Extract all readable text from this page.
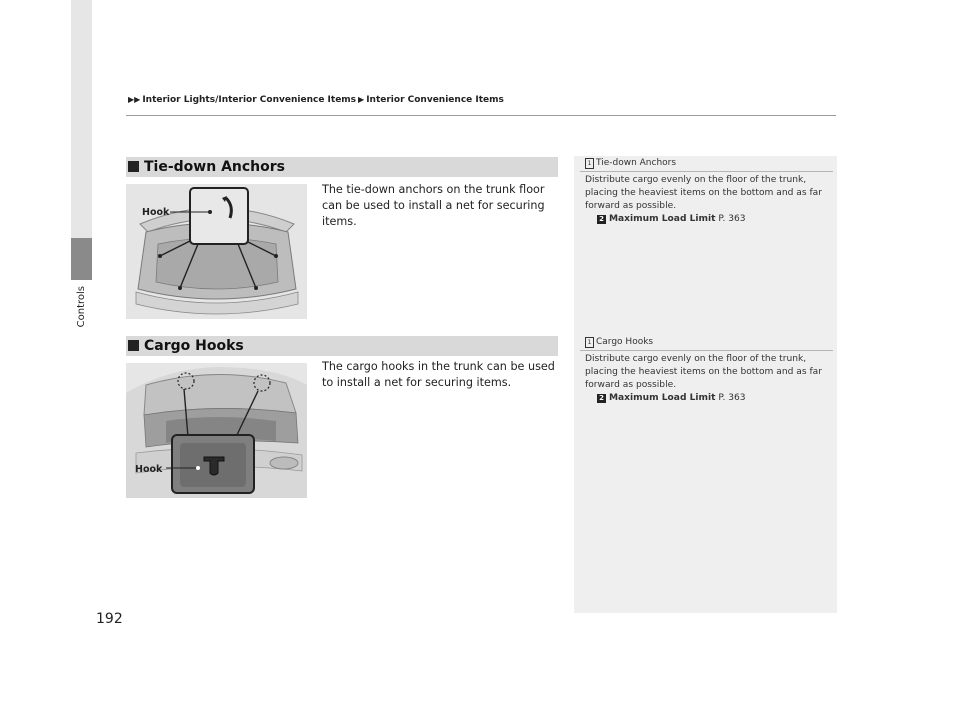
Controls
▶▶ Interior Lights/Interior Convenience Items ▶ Interior Convenience Items
Tie-down Anchors
Hook
The tie-down anchors on the trunk floor can be used to install a net for securing items.
1 Tie-down Anchors
Distribute cargo evenly on the floor of the trunk, placing the heaviest items on the bottom and as far forward as possible.
2 Maximum Load Limit P. 363
Cargo Hooks
Hook
The cargo hooks in the trunk can be used to install a net for securing items.
1 Cargo Hooks
Distribute cargo evenly on the floor of the trunk, placing the heaviest items on the bottom and as far forward as possible.
2 Maximum Load Limit P. 363
192
